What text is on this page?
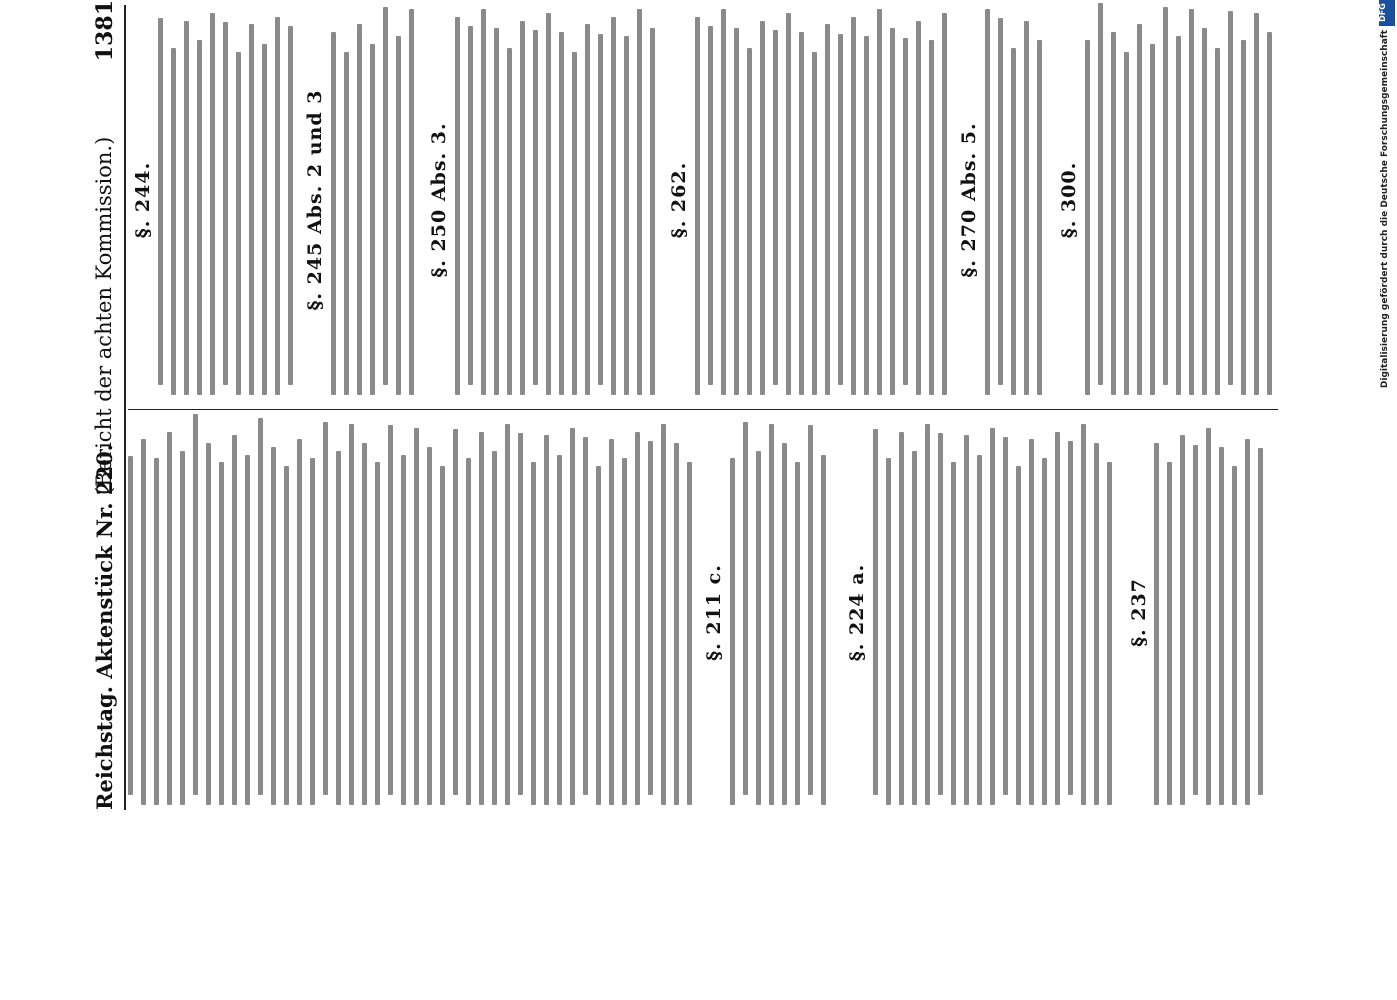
Reichstag. Aktenstück Nr. 220.
(Bericht der achten Kommission.)
1381
§. 211 c.	§. 224 a.	§. 237
§. 244.	§. 245 Abs. 2 und 3	§. 250 Abs. 3.	§. 262.	§. 270 Abs. 5.	§. 300.	Digitalisierung gefördert durch die Deutsche Forschungsgemeinschaft
DFG
